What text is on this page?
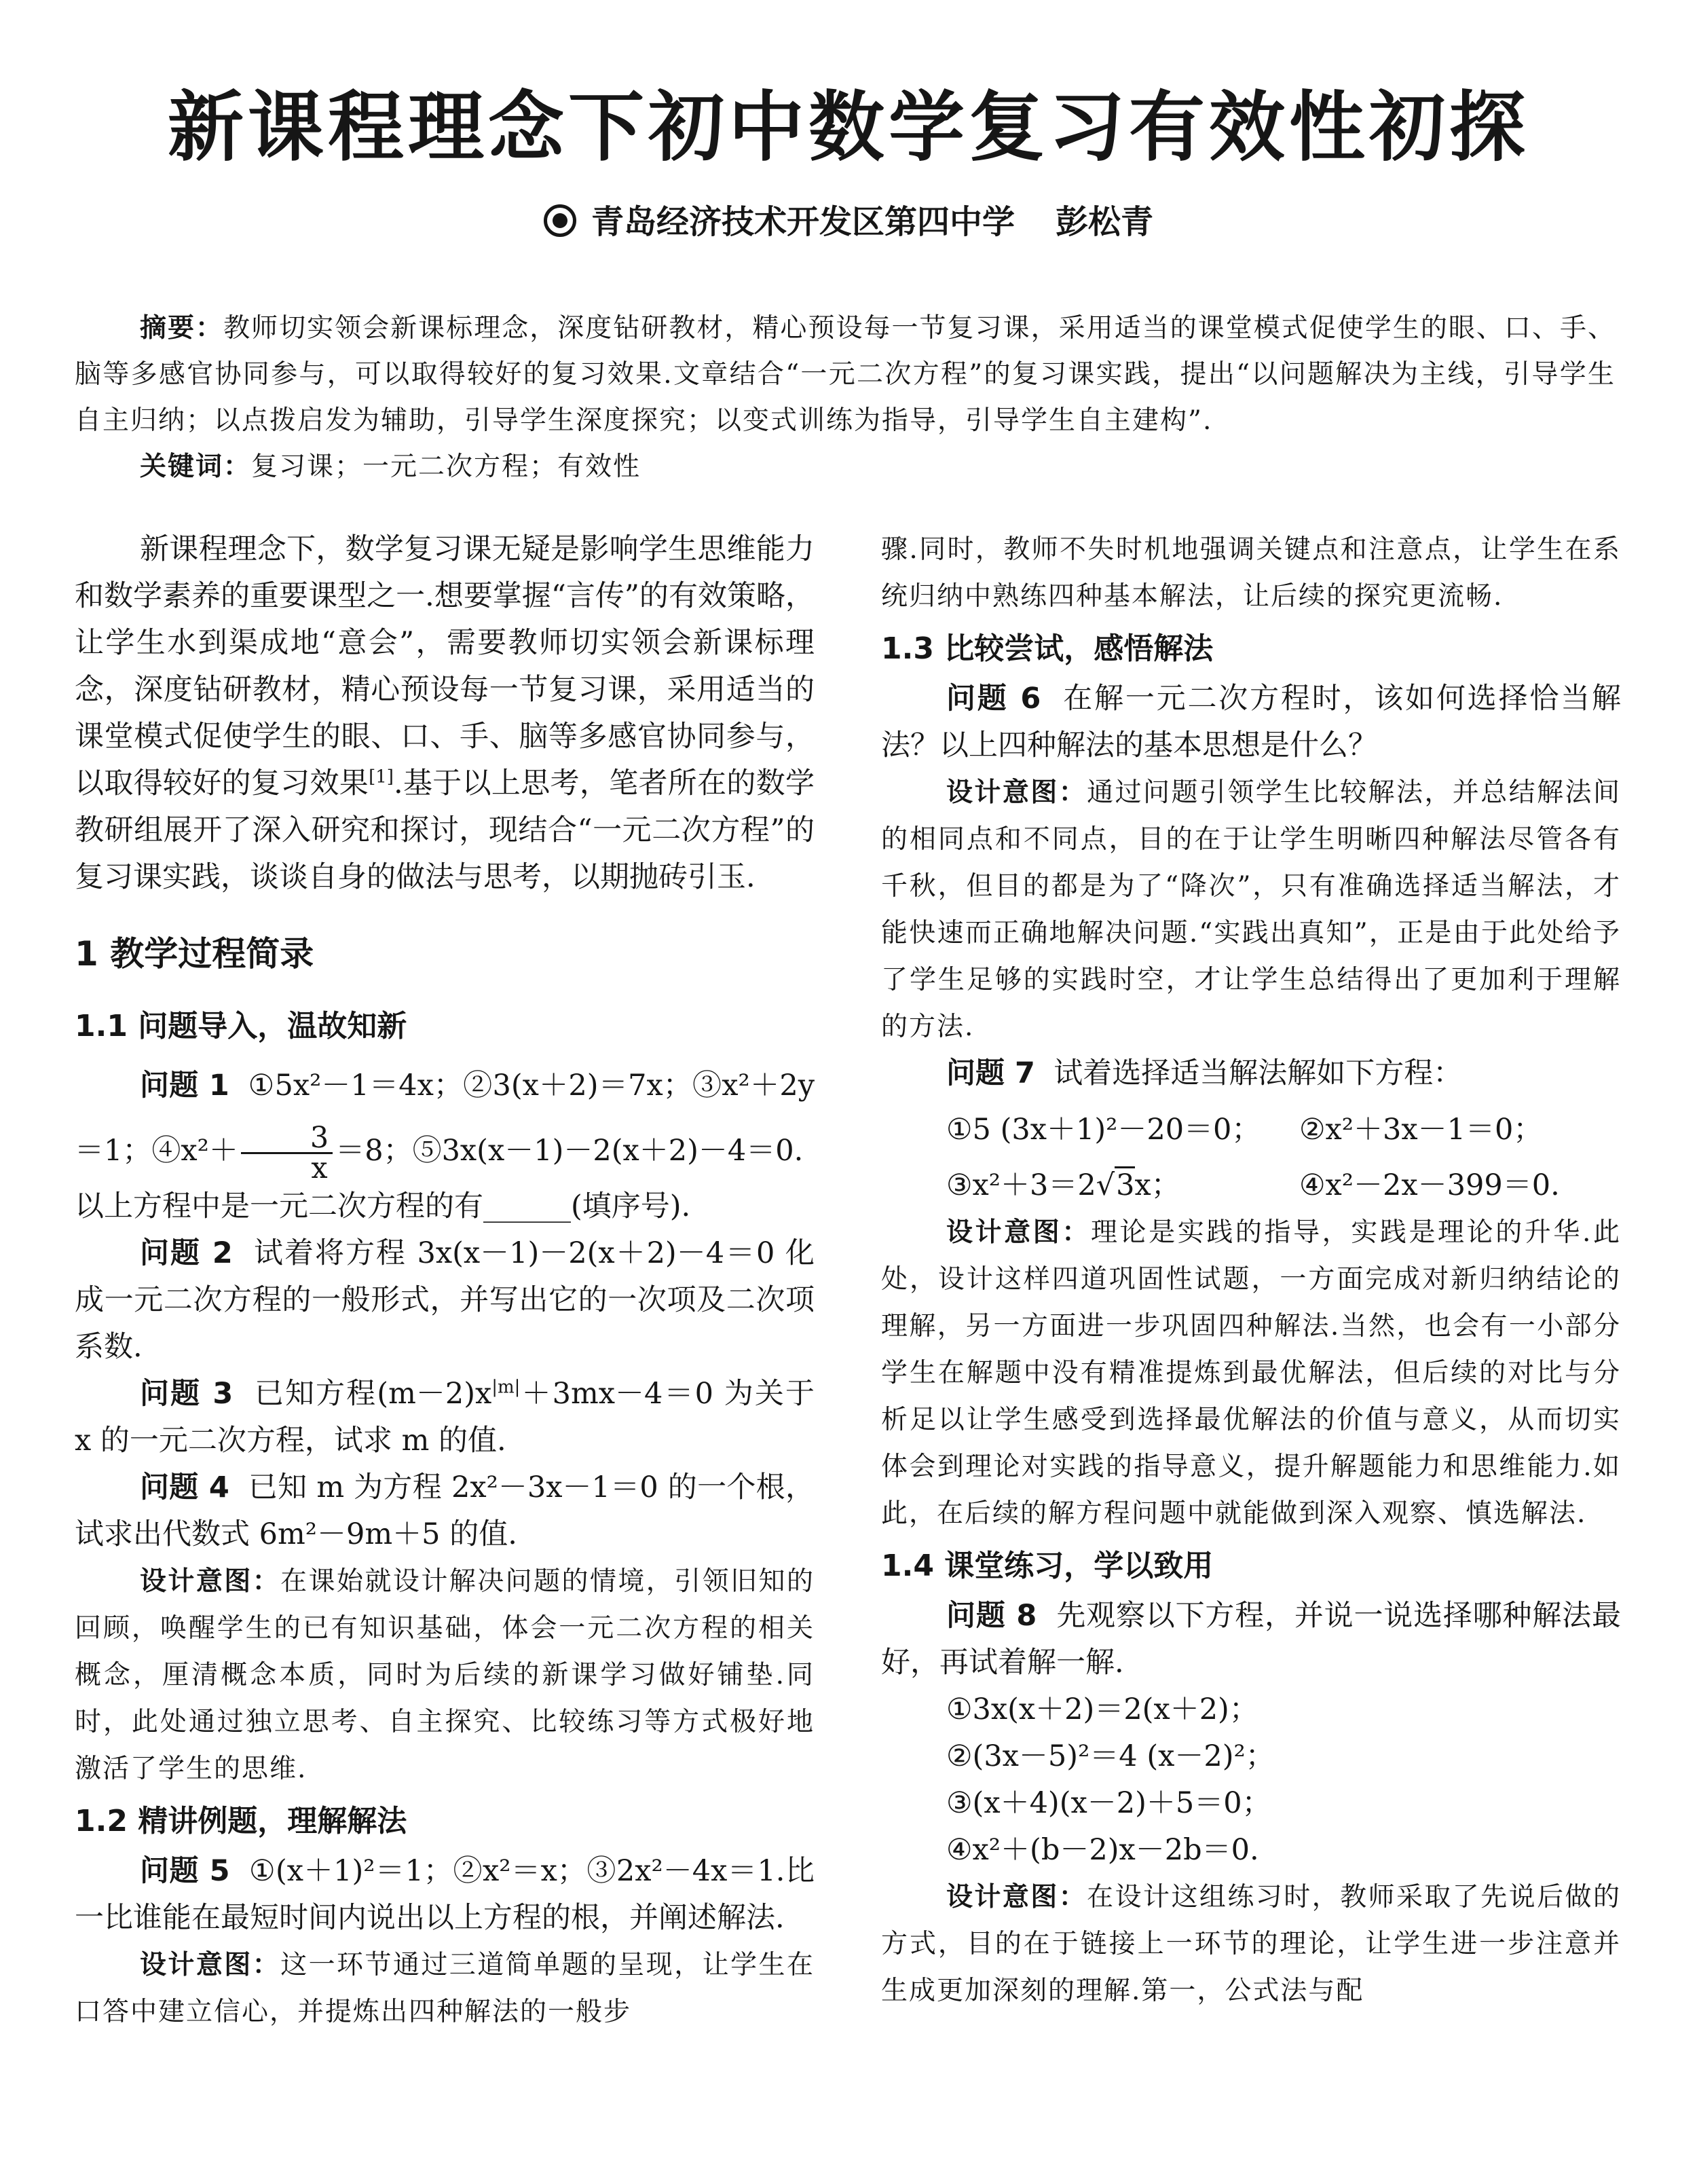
新课程理念下初中数学复习有效性初探
青岛经济技术开发区第四中学 彭松青

摘要：教师切实领会新课标理念，深度钻研教材，精心预设每一节复习课，采用适当的课堂模式促使学生的眼、口、手、脑等多感官协同参与，可以取得较好的复习效果.文章结合“一元二次方程”的复习课实践，提出“以问题解决为主线，引导学生自主归纳；以点拨启发为辅助，引导学生深度探究；以变式训练为指导，引导学生自主建构”.

关键词：复习课；一元二次方程；有效性

新课程理念下，数学复习课无疑是影响学生思维能力和数学素养的重要课型之一.想要掌握“言传”的有效策略，让学生水到渠成地“意会”，需要教师切实领会新课标理念，深度钻研教材，精心预设每一节复习课，采用适当的课堂模式促使学生的眼、口、手、脑等多感官协同参与，以取得较好的复习效果[1].基于以上思考，笔者所在的数学教研组展开了深入研究和探讨，现结合“一元二次方程”的复习课实践，谈谈自身的做法与思考，以期抛砖引玉.

1 教学过程简录
1.1 问题导入，温故知新

问题 1 ①5x²－1＝4x；②3(x＋2)＝7x；③x²＋2y＝1；④x²＋ $\frac{3}{x} =8$；⑤3x(x－1)－2(x＋2)－4＝0.

以上方程中是一元二次方程的有______(填序号).

问题 2 试着将方程 3x(x－1)－2(x＋2)－4＝0 化成一元二次方程的一般形式，并写出它的一次项及二次项系数.

问题 3 已知方程$(m-2)x^{|m|}+3mx-4=0$ 为关于 x 的一元二次方程，试求 m 的值.

问题 4 已知 m 为方程 2x²－3x－1＝0 的一个根，试求出代数式 6m²－9m＋5 的值.

设计意图：在课始就设计解决问题的情境，引领旧知的回顾，唤醒学生的已有知识基础，体会一元二次方程的相关概念，厘清概念本质，同时为后续的新课学习做好铺垫.同时，此处通过独立思考、自主探究、比较练习等方式极好地激活了学生的思维.

1.2 精讲例题，理解解法

问题 5 ①(x＋1)²＝1；②x²＝x；③2x²－4x＝1.比一比谁能在最短时间内说出以上方程的根，并阐述解法.

设计意图：这一环节通过三道简单题的呈现，让学生在口答中建立信心，并提炼出四种解法的一般步

骤.同时，教师不失时机地强调关键点和注意点，让学生在系统归纳中熟练四种基本解法，让后续的探究更流畅.

1.3 比较尝试，感悟解法

问题 6 在解一元二次方程时，该如何选择恰当解法？以上四种解法的基本思想是什么？

设计意图：通过问题引领学生比较解法，并总结解法间的相同点和不同点，目的在于让学生明晰四种解法尽管各有千秋，但目的都是为了“降次”，只有准确选择适当解法，才能快速而正确地解决问题.“实践出真知”，正是由于此处给予了学生足够的实践时空，才让学生总结得出了更加利于理解的方法.

问题 7 试着选择适当解法解如下方程：

①5 (3x＋1)²－20＝0； ②x²＋3x－1＝0；

③x²＋3＝2√3x；	④x²－2x－399＝0.

设计意图：理论是实践的指导，实践是理论的升华.此处，设计这样四道巩固性试题，一方面完成对新归纳结论的理解，另一方面进一步巩固四种解法.当然，也会有一小部分学生在解题中没有精准提炼到最优解法，但后续的对比与分析足以让学生感受到选择最优解法的价值与意义，从而切实体会到理论对实践的指导意义，提升解题能力和思维能力.如此，在后续的解方程问题中就能做到深入观察、慎选解法.

1.4 课堂练习，学以致用

问题 8 先观察以下方程，并说一说选择哪种解法最好，再试着解一解.

①3x(x＋2)＝2(x＋2)；

②(3x－5)²＝4 (x－2)²；

③(x＋4)(x－2)＋5＝0；

④x²＋(b－2)x－2b＝0.

设计意图：在设计这组练习时，教师采取了先说后做的方式，目的在于链接上一环节的理论，让学生进一步注意并生成更加深刻的理解.第一，公式法与配
